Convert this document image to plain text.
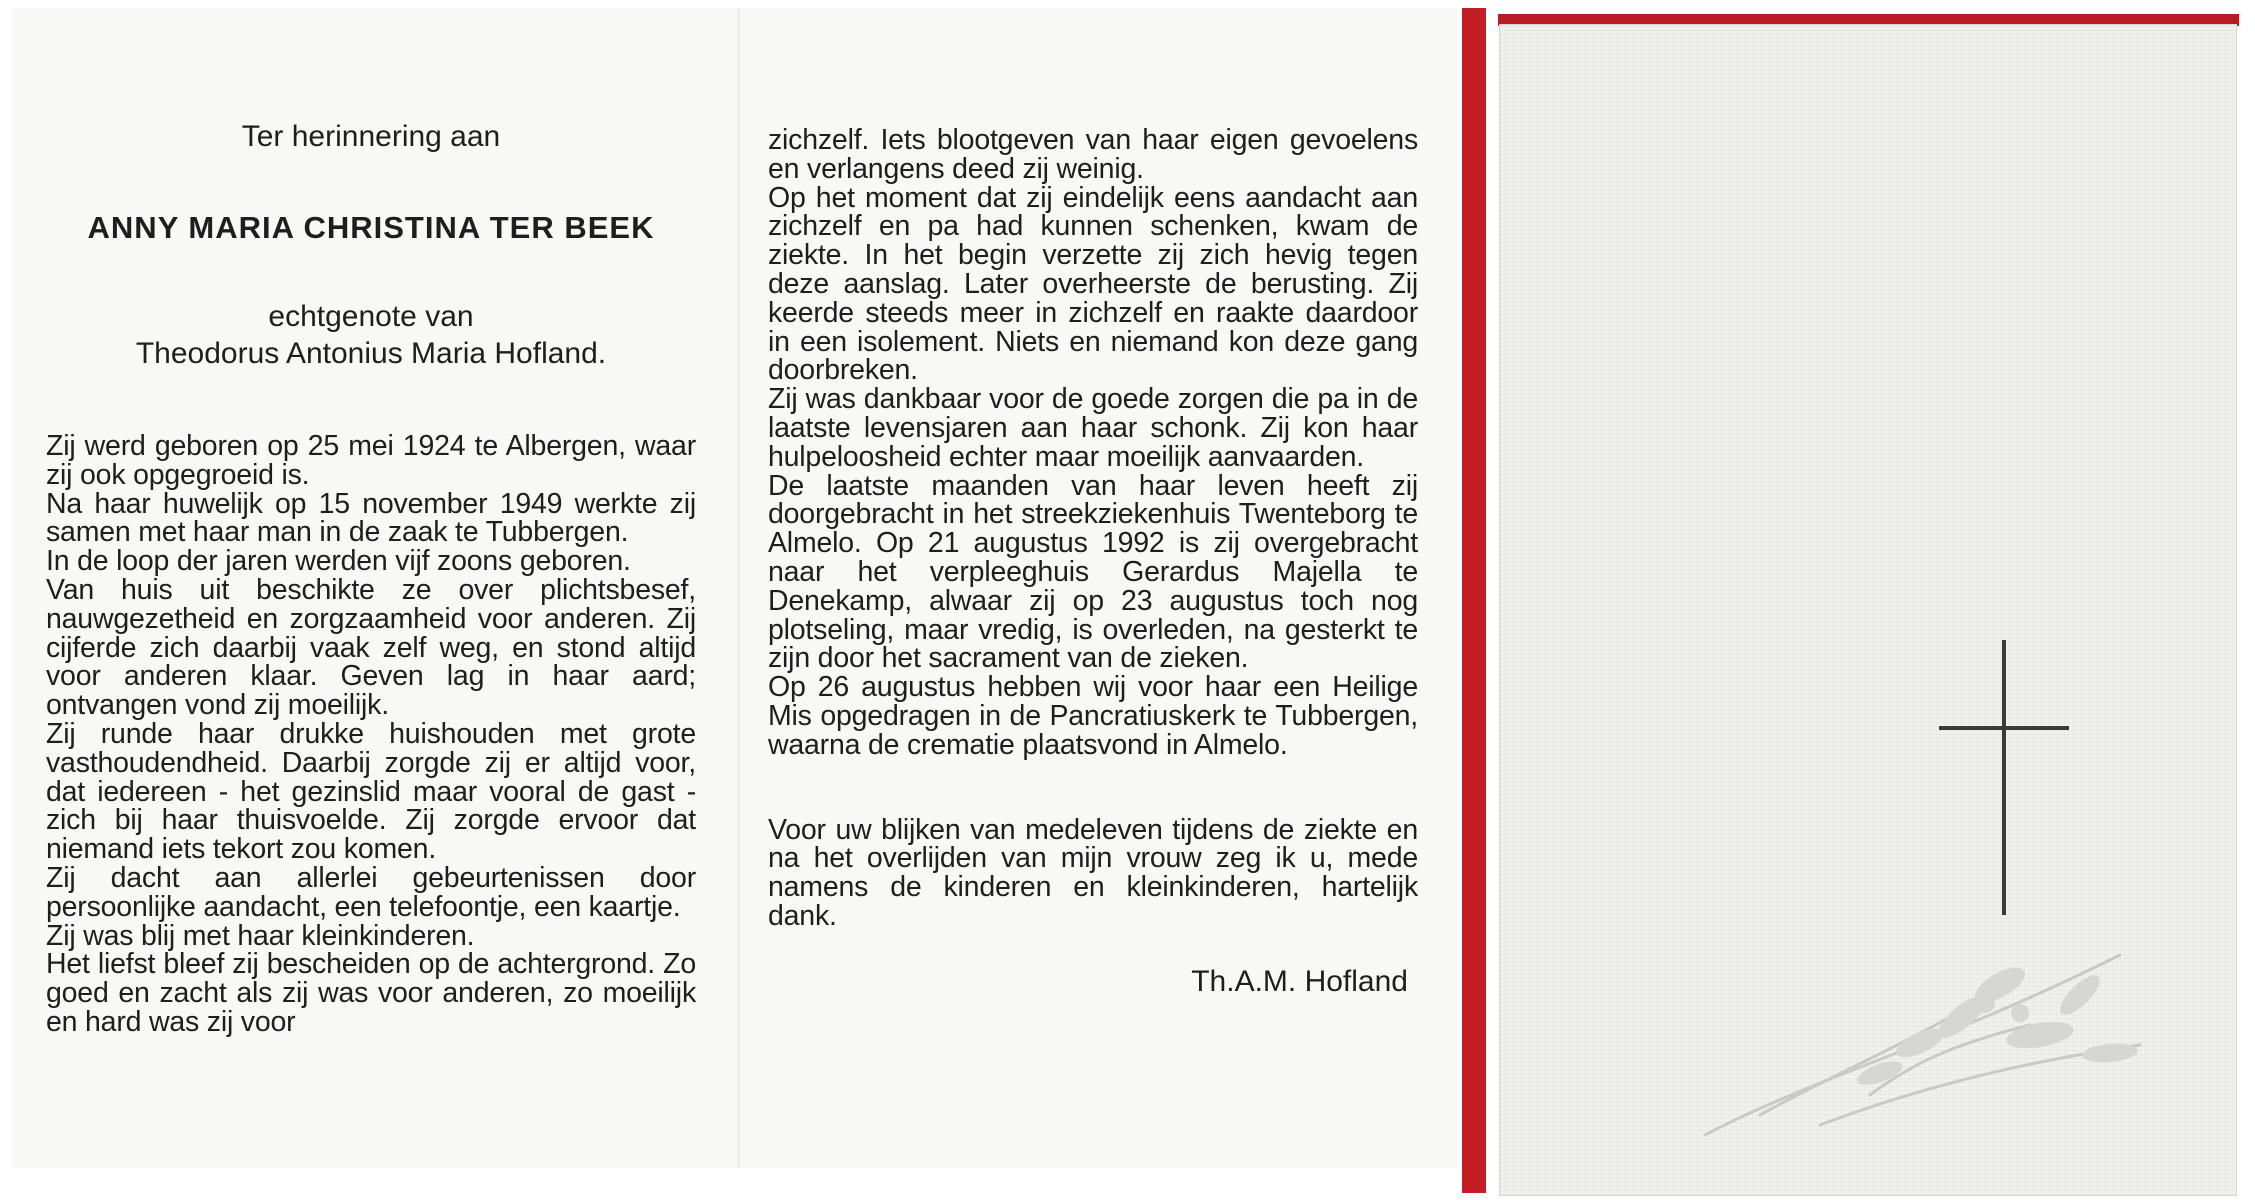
Ter herinnering aan
ANNY MARIA CHRISTINA TER BEEK
echtgenote van
Theodorus Antonius Maria Hofland.

Zij werd geboren op 25 mei 1924 te Albergen, waar zij ook opgegroeid is.

Na haar huwelijk op 15 november 1949 werkte zij samen met haar man in de zaak te Tubbergen.

In de loop der jaren werden vijf zoons geboren.

Van huis uit beschikte ze over plichtsbesef, nauwgezetheid en zorgzaamheid voor anderen. Zij cijferde zich daarbij vaak zelf weg, en stond altijd voor anderen klaar. Geven lag in haar aard; ontvangen vond zij moeilijk.

Zij runde haar drukke huishouden met grote vasthoudendheid. Daarbij zorgde zij er altijd voor, dat iedereen - het gezinslid maar vooral de gast - zich bij haar thuisvoelde. Zij zorgde ervoor dat niemand iets tekort zou komen.

Zij dacht aan allerlei gebeurtenissen door persoonlijke aandacht, een telefoontje, een kaartje.

Zij was blij met haar kleinkinderen.

Het liefst bleef zij bescheiden op de achtergrond. Zo goed en zacht als zij was voor anderen, zo moeilijk en hard was zij voor

zichzelf. Iets blootgeven van haar eigen gevoelens en verlangens deed zij weinig.

Op het moment dat zij eindelijk eens aandacht aan zichzelf en pa had kunnen schenken, kwam de ziekte. In het begin verzette zij zich hevig tegen deze aanslag. Later overheerste de berusting. Zij keerde steeds meer in zichzelf en raakte daardoor in een isolement. Niets en niemand kon deze gang doorbreken.

Zij was dankbaar voor de goede zorgen die pa in de laatste levensjaren aan haar schonk. Zij kon haar hulpeloosheid echter maar moeilijk aanvaarden.

De laatste maanden van haar leven heeft zij doorgebracht in het streekziekenhuis Twenteborg te Almelo. Op 21 augustus 1992 is zij overgebracht naar het verpleeghuis Gerardus Majella te Denekamp, alwaar zij op 23 augustus toch nog plotseling, maar vredig, is overleden, na gesterkt te zijn door het sacrament van de zieken.

Op 26 augustus hebben wij voor haar een Heilige Mis opgedragen in de Pancratiuskerk te Tubbergen, waarna de crematie plaatsvond in Almelo.

Voor uw blijken van medeleven tijdens de ziekte en na het overlijden van mijn vrouw zeg ik u, mede namens de kinderen en kleinkinderen, hartelijk dank.
Th.A.M. Hofland
